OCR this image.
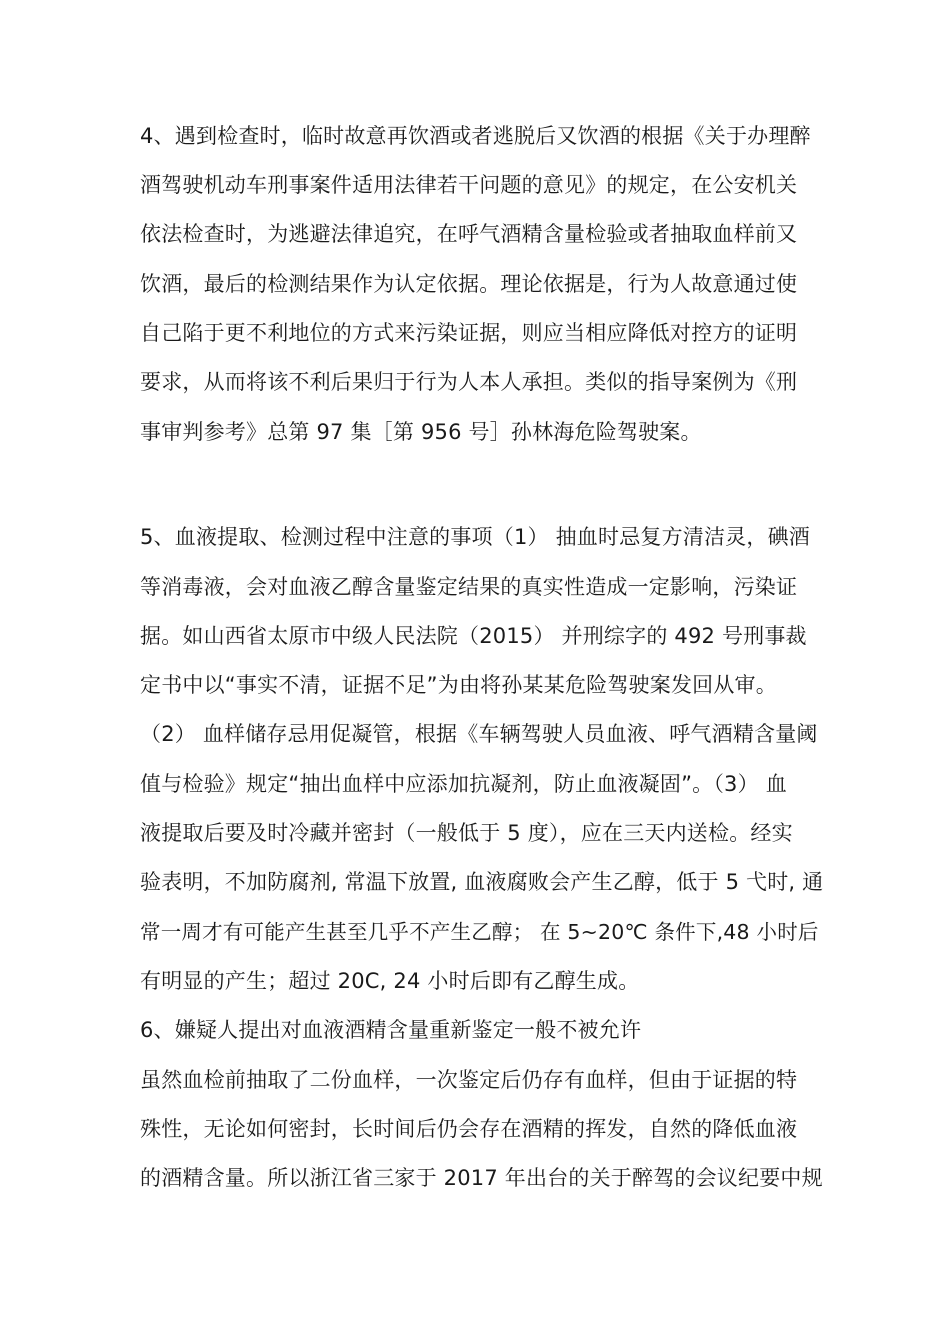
4、遇到检查时，临时故意再饮酒或者逃脱后又饮酒的根据《关于办理醉
酒驾驶机动车刑事案件适用法律若干问题的意见》的规定，在公安机关
依法检查时，为逃避法律追究，在呼气酒精含量检验或者抽取血样前又
饮酒，最后的检测结果作为认定依据。理论依据是，行为人故意通过使
自己陷于更不利地位的方式来污染证据，则应当相应降低对控方的证明
要求，从而将该不利后果归于行为人本人承担。类似的指导案例为《刑
事审判参考》总第 97 集［第 956 号］孙林海危险驾驶案。
5、血液提取、检测过程中注意的事项（1） 抽血时忌复方清洁灵，碘酒
等消毒液，会对血液乙醇含量鉴定结果的真实性造成一定影响，污染证
据。如山西省太原市中级人民法院（2015） 并刑综字的 492 号刑事裁
定书中以“事实不清，证据不足”为由将孙某某危险驾驶案发回从审。
（2） 血样储存忌用促凝管，根据《车辆驾驶人员血液、呼气酒精含量阈
值与检验》规定“抽出血样中应添加抗凝剂，防止血液凝固”。（3） 血
液提取后要及时冷藏并密封（一般低于 5 度），应在三天内送检。经实
验表明，不加防腐剂, 常温下放置, 血液腐败会产生乙醇，低于 5 弋时, 通
常一周才有可能产生甚至几乎不产生乙醇； 在 5~20℃ 条件下,48 小时后
有明显的产生；超过 20C, 24 小时后即有乙醇生成。
6、嫌疑人提出对血液酒精含量重新鉴定一般不被允许
虽然血检前抽取了二份血样，一次鉴定后仍存有血样，但由于证据的特
殊性，无论如何密封，长时间后仍会存在酒精的挥发，自然的降低血液
的酒精含量。所以浙江省三家于 2017 年出台的关于醉驾的会议纪要中规
